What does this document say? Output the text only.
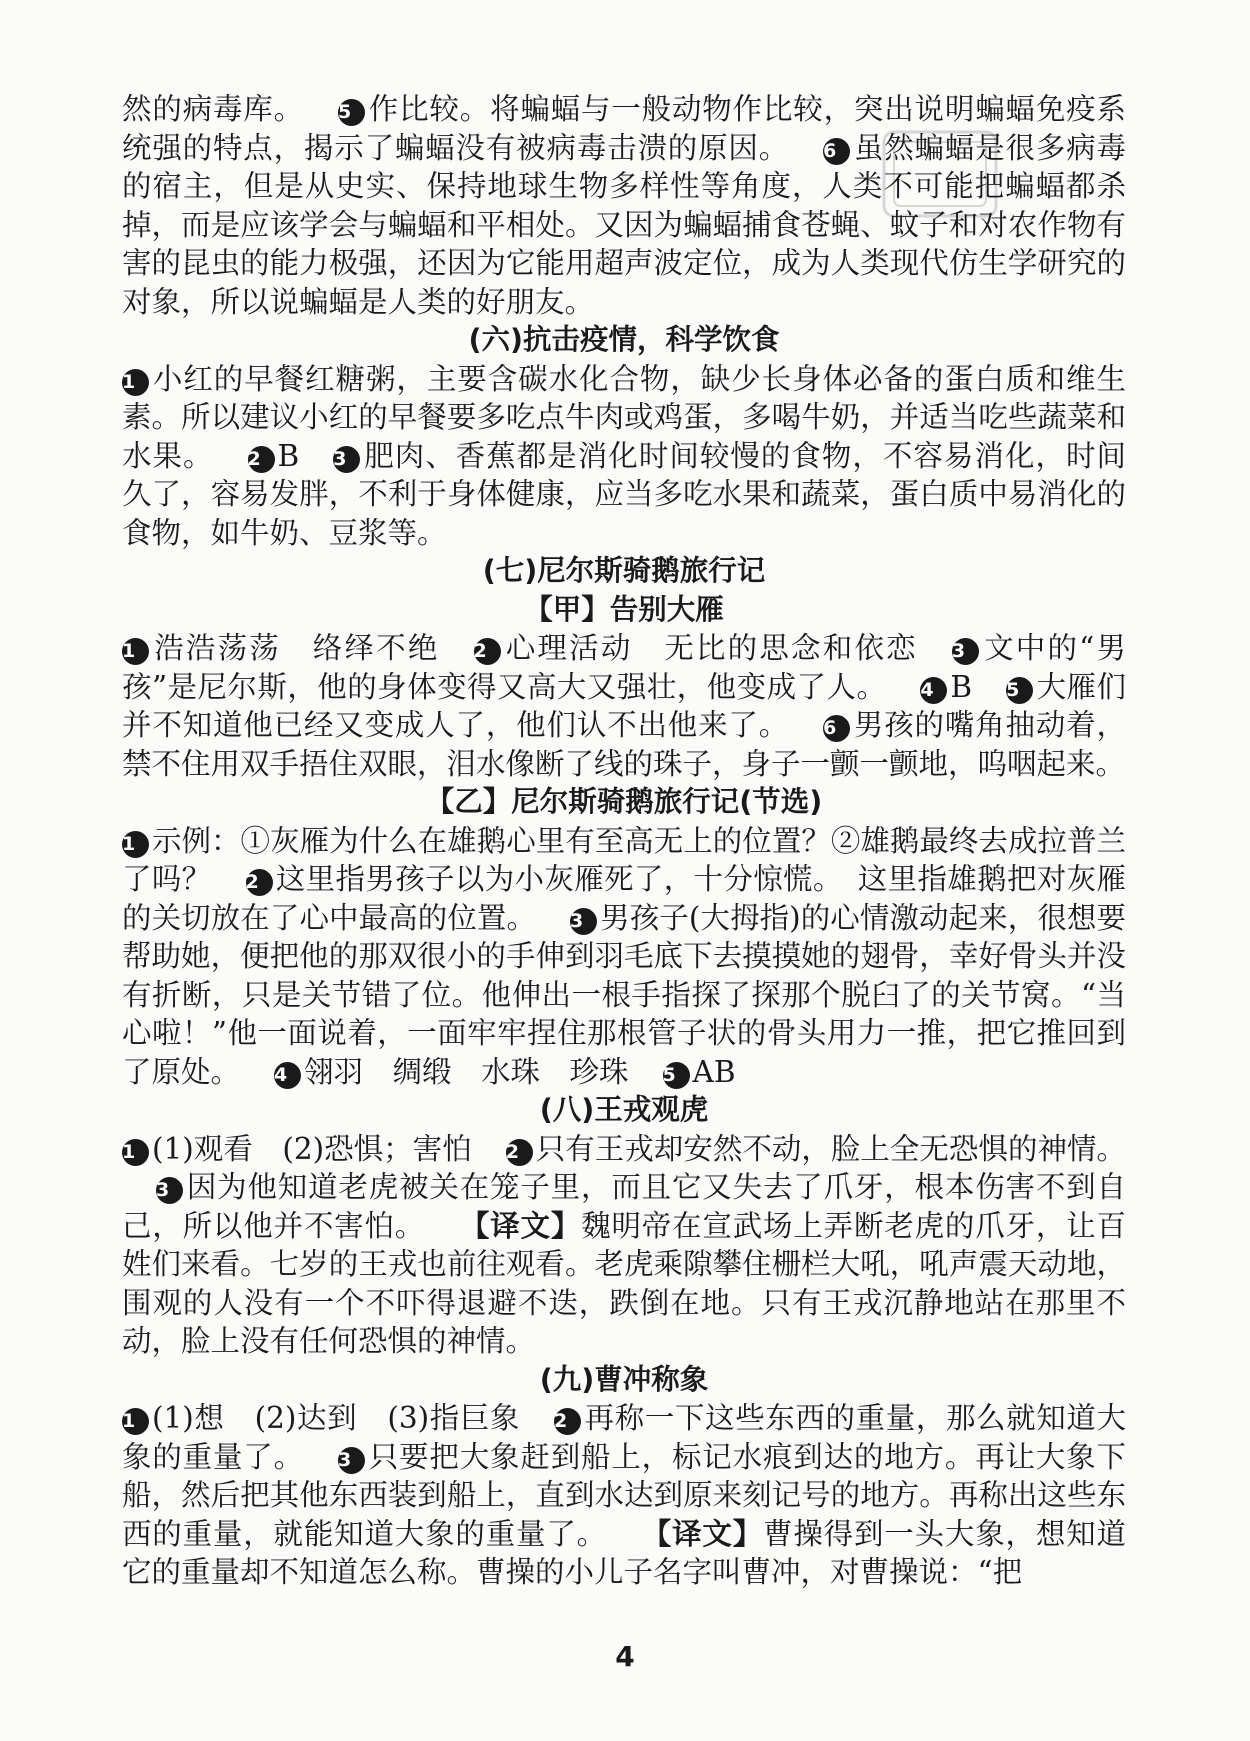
然的病毒库。 5 作比较。将蝙蝠与一般动物作比较，突出说明蝙蝠免疫系统强的特点，揭示了蝙蝠没有被病毒击溃的原因。 6 虽然蝙蝠是很多病毒的宿主，但是从史实、保持地球生物多样性等角度，人类不可能把蝙蝠都杀掉，而是应该学会与蝙蝠和平相处。又因为蝙蝠捕食苍蝇、蚊子和对农作物有害的昆虫的能力极强，还因为它能用超声波定位，成为人类现代仿生学研究的对象，所以说蝙蝠是人类的好朋友。

(六)抗击疫情，科学饮食

1 小红的早餐红糖粥，主要含碳水化合物，缺少长身体必备的蛋白质和维生素。所以建议小红的早餐要多吃点牛肉或鸡蛋，多喝牛奶，并适当吃些蔬菜和水果。 2 B 3 肥肉、香蕉都是消化时间较慢的食物，不容易消化，时间久了，容易发胖，不利于身体健康，应当多吃水果和蔬菜，蛋白质中易消化的食物，如牛奶、豆浆等。

(七)尼尔斯骑鹅旅行记

【甲】告别大雁

1 浩浩荡荡　络绎不绝 2 心理活动　无比的思念和依恋 3 文中的“男孩”是尼尔斯，他的身体变得又高大又强壮，他变成了人。 4 B 5 大雁们并不知道他已经又变成人了，他们认不出他来了。 6 男孩的嘴角抽动着，禁不住用双手捂住双眼，泪水像断了线的珠子，身子一颤一颤地，呜咽起来。

【乙】尼尔斯骑鹅旅行记(节选)

1 示例：①灰雁为什么在雄鹅心里有至高无上的位置？②雄鹅最终去成拉普兰了吗？ 2 这里指男孩子以为小灰雁死了，十分惊慌。　这里指雄鹅把对灰雁的关切放在了心中最高的位置。 3 男孩子(大拇指)的心情激动起来，很想要帮助她，便把他的那双很小的手伸到羽毛底下去摸摸她的翅骨，幸好骨头并没有折断，只是关节错了位。他伸出一根手指探了探那个脱臼了的关节窝。“当心啦！”他一面说着，一面牢牢捏住那根管子状的骨头用力一推，把它推回到了原处。 4 翎羽　绸缎　水珠　珍珠 5 AB

(八)王戎观虎

1 (1)观看　(2)恐惧；害怕 2 只有王戎却安然不动，脸上全无恐惧的神情。3 因为他知道老虎被关在笼子里，而且它又失去了爪牙，根本伤害不到自己，所以他并不害怕。 【译文】魏明帝在宣武场上弄断老虎的爪牙，让百姓们来看。七岁的王戎也前往观看。老虎乘隙攀住栅栏大吼，吼声震天动地，围观的人没有一个不吓得退避不迭，跌倒在地。只有王戎沉静地站在那里不动，脸上没有任何恐惧的神情。

(九)曹冲称象

1 (1)想　(2)达到　(3)指巨象 2 再称一下这些东西的重量，那么就知道大象的重量了。 3 只要把大象赶到船上，标记水痕到达的地方。再让大象下船，然后把其他东西装到船上，直到水达到原来刻记号的地方。再称出这些东西的重量，就能知道大象的重量了。 【译文】曹操得到一头大象，想知道它的重量却不知道怎么称。曹操的小儿子名字叫曹冲，对曹操说：“把

4
